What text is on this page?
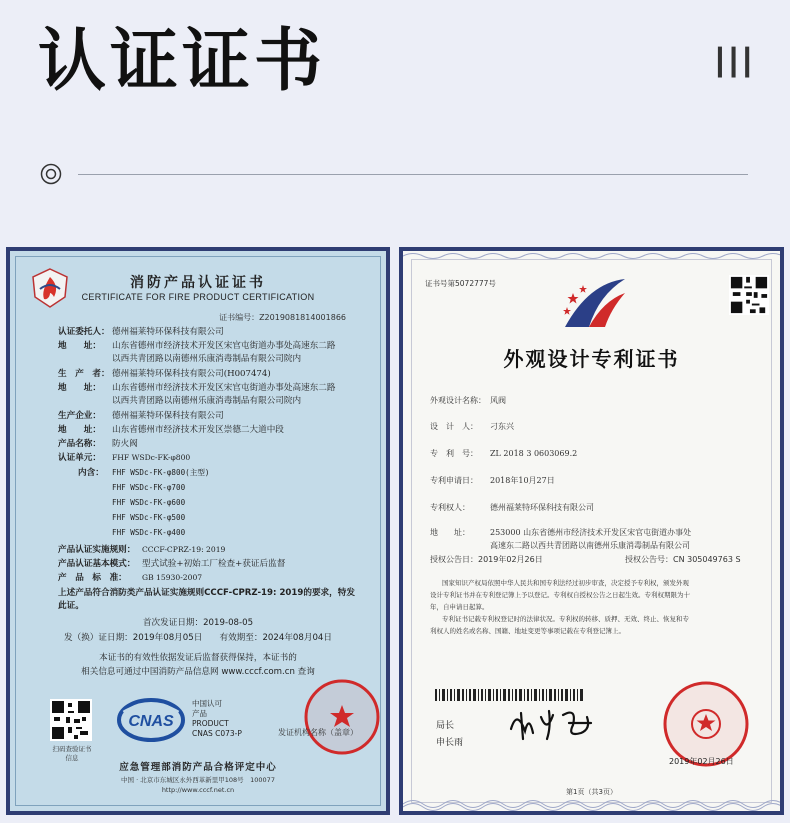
认证证书	┃┃┃
消防产品认证证书
CERTIFICATE FOR FIRE PRODUCT CERTIFICATION
证书编号：Z2019081814001866
认证委托人： 德州福莱特环保科技有限公司
地　　址： 山东省德州市经济技术开发区宋官屯街道办事处高速东二路
以西共青团路以南德州乐康消毒制品有限公司院内
生　产　者： 德州福莱特环保科技有限公司(H007474)
地　　址： 山东省德州市经济技术开发区宋官屯街道办事处高速东二路
以西共青团路以南德州乐康消毒制品有限公司院内
生产企业： 德州福莱特环保科技有限公司
地　　址： 山东省德州市经济技术开发区崇德二大道中段
产品名称： 防火阀
认证单元： FHF WSDc-FK-φ800
内含： FHF WSDc-FK-φ800(主型)
FHF WSDc-FK-φ700
FHF WSDc-FK-φ600
FHF WSDc-FK-φ500
FHF WSDc-FK-φ400
产品认证实施规则： CCCF-CPRZ-19: 2019
产品认证基本模式： 型式试验+初始工厂检查+获证后监督
产　品　标　准： GB 15930-2007
上述产品符合消防类产品认证实施规则CCCF-CPRZ-19: 2019的要求，特发
此证。
首次发证日期：2019-08-05
发（换）证日期：2019年08月05日　　有效期至：2024年08月04日
本证书的有效性依据发证后监督获得保持，本证书的
相关信息可通过中国消防产品信息网 www.cccf.com.cn 查询
扫码查验证书信息
CNAS
中国认可
产品
PRODUCT
CNAS C073-P	发证机构名称（盖章）
应急管理部消防产品合格评定中心
中国 · 北京市东城区永外西革新里甲108号　100077
http://www.cccf.net.cn
证书号第5072777号
外观设计专利证书
外观设计名称： 风阀
设　计　人： 刁东兴
专　利　号： ZL 2018 3 0603069.2
专利申请日： 2018年10月27日
专利权人：	德州福莱特环保科技有限公司
地　　址：	253000 山东省德州市经济技术开发区宋官屯街道办事处
高速东二路以西共青团路以南德州乐康消毒制品有限公司
授权公告日：2019年02月26日	授权公告号：CN 305049763 S
国家知识产权局依照中华人民共和国专利法经过初步审查，决定授予专利权，颁发外观
设计专利证书并在专利登记簿上予以登记。专利权自授权公告之日起生效。专利权期限为十
年，自申请日起算。
专利证书记载专利权登记时的法律状况。专利权的转移、质押、无效、终止、恢复和专
利权人的姓名或名称、国籍、地址变更等事项记载在专利登记簿上。
局长
申长雨
2019年02月26日
第1页（共3页）
